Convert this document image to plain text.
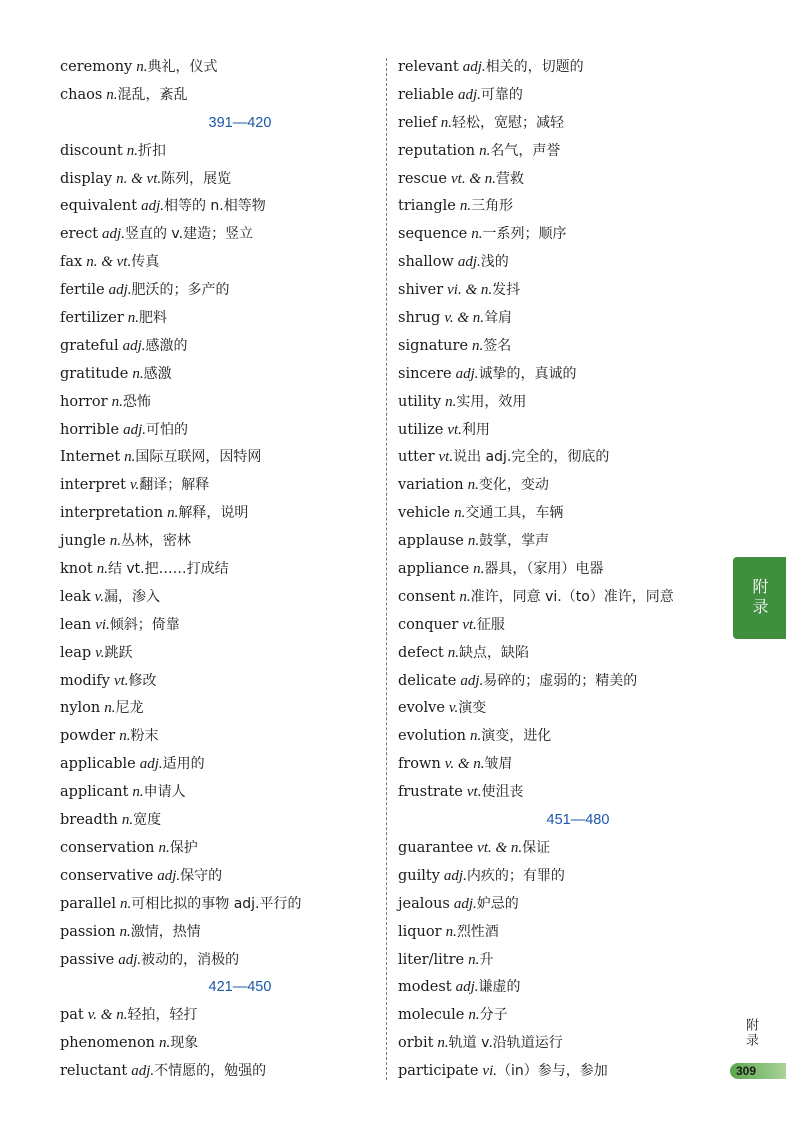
ceremony n.典礼，仪式
chaos n.混乱，紊乱
391—420
discount n.折扣
display n. & vt.陈列，展览
equivalent adj.相等的 n.相等物
erect adj.竖直的 v.建造；竖立
fax n. & vt.传真
fertile adj.肥沃的；多产的
fertilizer n.肥料
grateful adj.感激的
gratitude n.感激
horror n.恐怖
horrible adj.可怕的
Internet n.国际互联网，因特网
interpret v.翻译；解释
interpretation n.解释，说明
jungle n.丛林，密林
knot n.结 vt.把……打成结
leak v.漏，渗入
lean vi.倾斜；倚靠
leap v.跳跃
modify vt.修改
nylon n.尼龙
powder n.粉末
applicable adj.适用的
applicant n.申请人
breadth n.宽度
conservation n.保护
conservative adj.保守的
parallel n.可相比拟的事物 adj.平行的
passion n.激情，热情
passive adj.被动的，消极的
421—450
pat v. & n.轻拍，轻打
phenomenon n.现象
reluctant adj.不情愿的，勉强的
relevant adj.相关的，切题的
reliable adj.可靠的
relief n.轻松，宽慰；减轻
reputation n.名气，声誉
rescue vt. & n.营救
triangle n.三角形
sequence n.一系列；顺序
shallow adj.浅的
shiver vi. & n.发抖
shrug v. & n.耸肩
signature n.签名
sincere adj.诚挚的，真诚的
utility n.实用，效用
utilize vt.利用
utter vt.说出 adj.完全的，彻底的
variation n.变化，变动
vehicle n.交通工具，车辆
applause n.鼓掌，掌声
appliance n.器具，（家用）电器
consent n.准许，同意 vi.（to）准许，同意
conquer vt.征服
defect n.缺点，缺陷
delicate adj.易碎的；虚弱的；精美的
evolve v.演变
evolution n.演变，进化
frown v. & n.皱眉
frustrate vt.使沮丧
451—480
guarantee vt. & n.保证
guilty adj.内疚的；有罪的
jealous adj.妒忌的
liquor n.烈性酒
liter/litre n.升
modest adj.谦虚的
molecule n.分子
orbit n.轨道 v.沿轨道运行
participate vi.（in）参与，参加
附录
附录
309
